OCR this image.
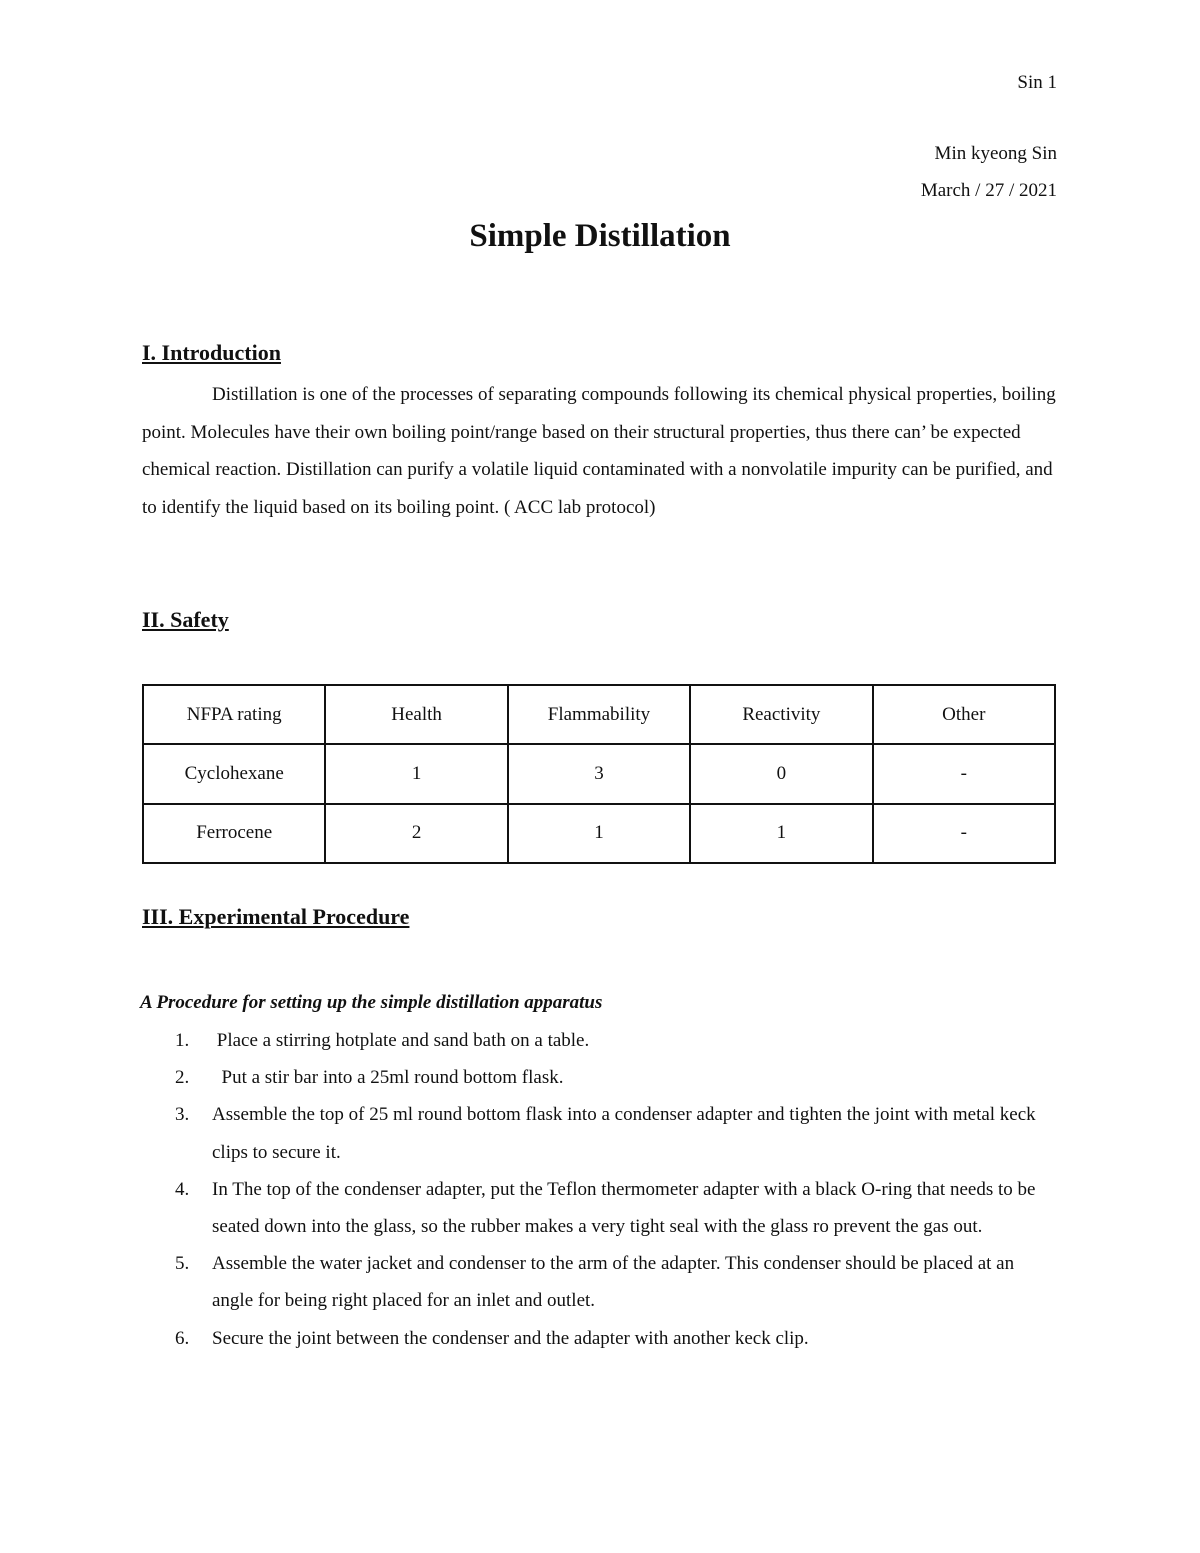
Sin 1
Min kyeong Sin
March / 27 / 2021
Simple Distillation
I. Introduction
Distillation is one of the processes of separating compounds following its chemical physical properties, boiling point. Molecules have their own boiling point/range based on their structural properties, thus there can’ be expected chemical reaction. Distillation can purify a volatile liquid contaminated with a nonvolatile impurity can be purified, and to identify the liquid based on its boiling point. ( ACC lab protocol)
II. Safety
NFPA rating	Health	Flammability	Reactivity	Other
Cyclohexane	1	3	0	-
Ferrocene	2	1	1	-
III. Experimental Procedure
A Procedure for setting up the simple distillation apparatus
1. Place a stirring hotplate and sand bath on a table.
2. Put a stir bar into a 25ml round bottom flask.
3. Assemble the top of 25 ml round bottom flask into a condenser adapter and tighten the joint with metal keck clips to secure it.
4. In The top of the condenser adapter, put the Teflon thermometer adapter with a black O-ring that needs to be seated down into the glass, so the rubber makes a very tight seal with the glass ro prevent the gas out.
5. Assemble the water jacket and condenser to the arm of the adapter. This condenser should be placed at an angle for being right placed for an inlet and outlet.
6. Secure the joint between the condenser and the adapter with another keck clip.
